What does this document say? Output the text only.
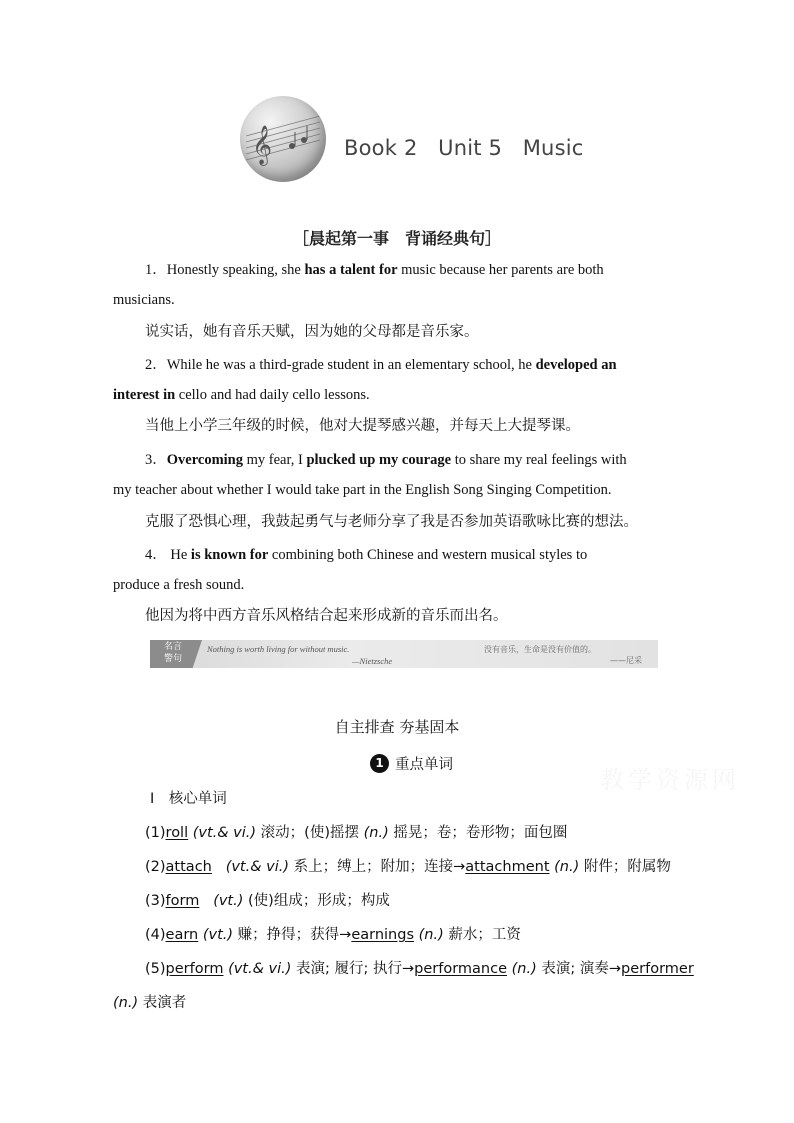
𝄞	Book 2   Unit 5   Music
［晨起第一事　背诵经典句］
1．Honestly speaking, she has a talent for music because her parents are both
musicians.
说实话，她有音乐天赋，因为她的父母都是音乐家。
2．While he was a third-grade student in an elementary school, he developed an
interest in cello and had daily cello lessons.
当他上小学三年级的时候，他对大提琴感兴趣，并每天上大提琴课。
3．Overcoming my fear, I plucked up my courage to share my real feelings with
my teacher about whether I would take part in the English Song Singing Competition.
克服了恐惧心理，我鼓起勇气与老师分享了我是否参加英语歌咏比赛的想法。
4． He is known for combining both Chinese and western musical styles to
produce a fresh sound.
他因为将中西方音乐风格结合起来形成新的音乐而出名。
名言
警句
Nothing is worth living for without music.
—Nietzsche
没有音乐，生命是没有价值的。
——尼采
自主排查 夯基固本
1 重点单词
Ⅰ　核心单词
(1)roll (vt.& vi.) 滚动；(使)摇摆 (n.) 摇晃；卷；卷形物；面包圈
(2)attach (vt.& vi.) 系上；缚上；附加；连接→attachment (n.) 附件；附属物
(3)form (vt.) (使)组成；形成；构成
(4)earn (vt.) 赚；挣得；获得→earnings (n.) 薪水；工资
(5)perform (vt.& vi.) 表演; 履行; 执行→performance (n.) 表演; 演奏→performer
(n.) 表演者
